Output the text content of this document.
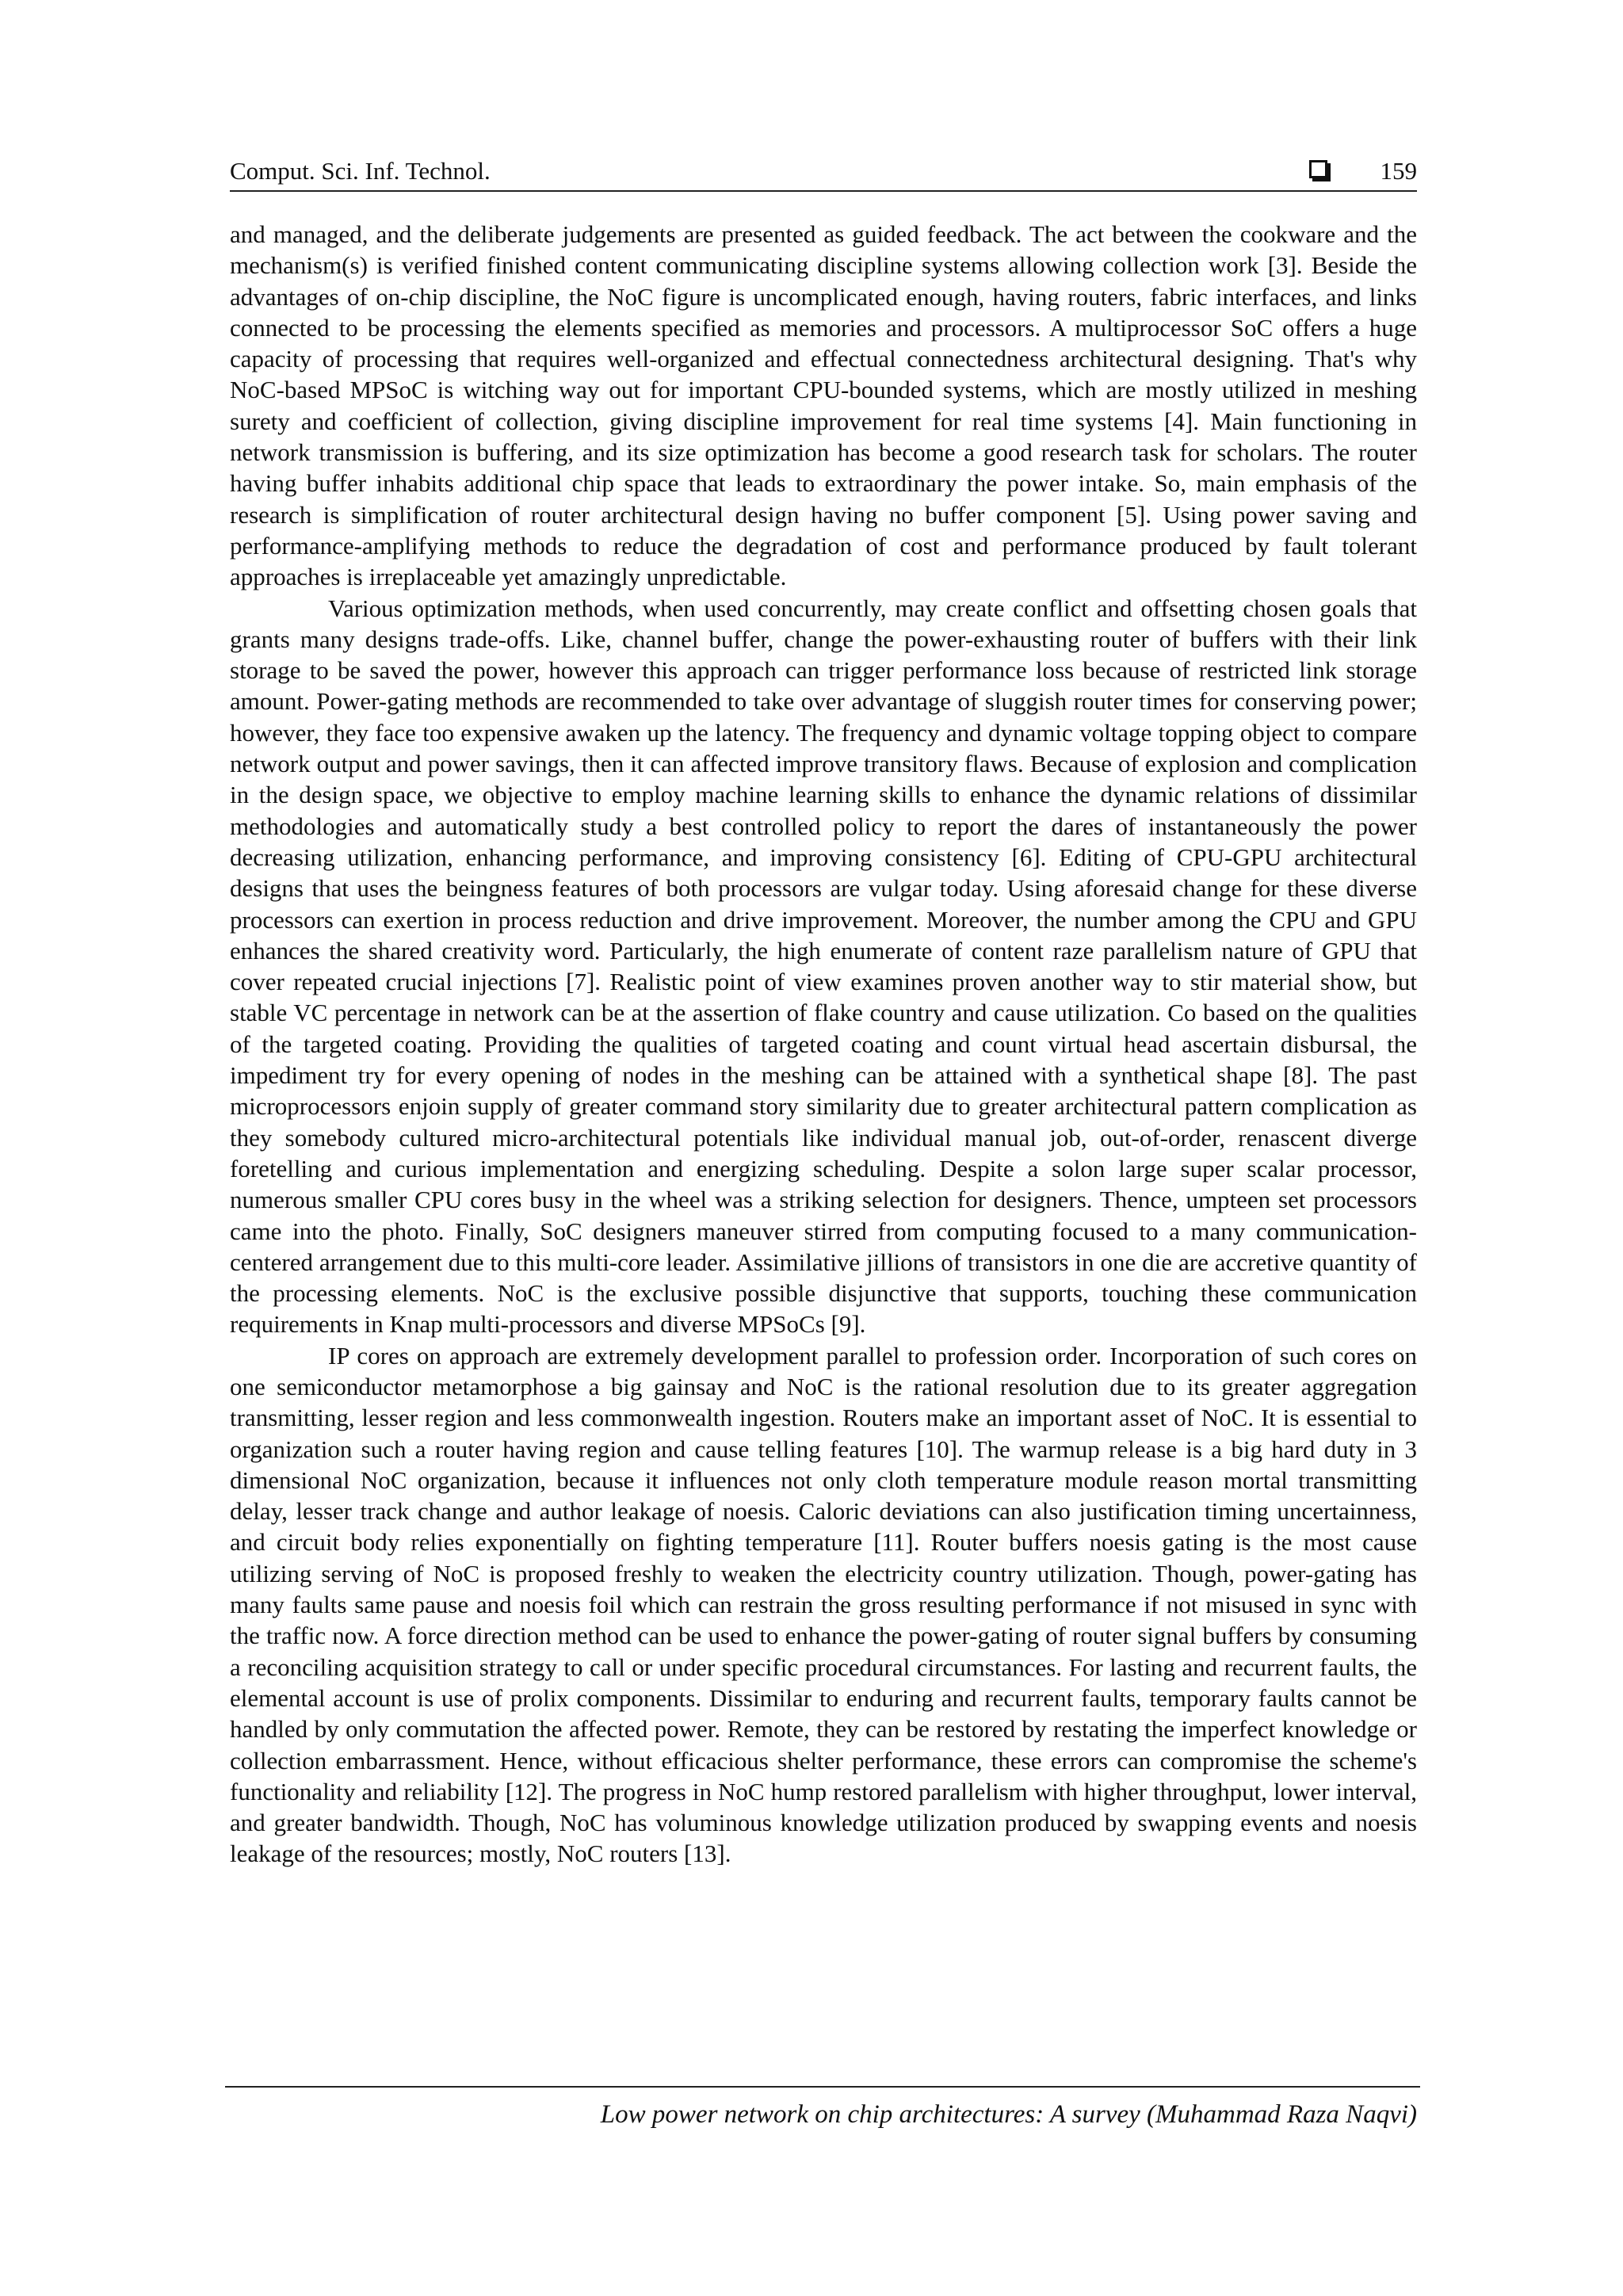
Comput. Sci. Inf. Technol.	159

and managed, and the deliberate judgements are presented as guided feedback. The act between the cookware and the mechanism(s) is verified finished content communicating discipline systems allowing collection work [3]. Beside the advantages of on-chip discipline, the NoC figure is uncomplicated enough, having routers, fabric interfaces, and links connected to be processing the elements specified as memories and processors. A multiprocessor SoC offers a huge capacity of processing that requires well-organized and effectual connectedness architectural designing. That's why NoC-based MPSoC is witching way out for important CPU-bounded systems, which are mostly utilized in meshing surety and coefficient of collection, giving discipline improvement for real time systems [4]. Main functioning in network transmission is buffering, and its size optimization has become a good research task for scholars. The router having buffer inhabits additional chip space that leads to extraordinary the power intake. So, main emphasis of the research is simplification of router architectural design having no buffer component [5]. Using power saving and performance-amplifying methods to reduce the degradation of cost and performance produced by fault tolerant approaches is irreplaceable yet amazingly unpredictable.

Various optimization methods, when used concurrently, may create conflict and offsetting chosen goals that grants many designs trade-offs. Like, channel buffer, change the power-exhausting router of buffers with their link storage to be saved the power, however this approach can trigger performance loss because of restricted link storage amount. Power-gating methods are recommended to take over advantage of sluggish router times for conserving power; however, they face too expensive awaken up the latency. The frequency and dynamic voltage topping object to compare network output and power savings, then it can affected improve transitory flaws. Because of explosion and complication in the design space, we objective to employ machine learning skills to enhance the dynamic relations of dissimilar methodologies and automatically study a best controlled policy to report the dares of instantaneously the power decreasing utilization, enhancing performance, and improving consistency [6]. Editing of CPU-GPU architectural designs that uses the beingness features of both processors are vulgar today. Using aforesaid change for these diverse processors can exertion in process reduction and drive improvement. Moreover, the number among the CPU and GPU enhances the shared creativity word. Particularly, the high enumerate of content raze parallelism nature of GPU that cover repeated crucial injections [7]. Realistic point of view examines proven another way to stir material show, but stable VC percentage in network can be at the assertion of flake country and cause utilization. Co based on the qualities of the targeted coating. Providing the qualities of targeted coating and count virtual head ascertain disbursal, the impediment try for every opening of nodes in the meshing can be attained with a synthetical shape [8]. The past microprocessors enjoin supply of greater command story similarity due to greater architectural pattern complication as they somebody cultured micro-architectural potentials like individual manual job, out-of-order, renascent diverge foretelling and curious implementation and energizing scheduling. Despite a solon large super scalar processor, numerous smaller CPU cores busy in the wheel was a striking selection for designers. Thence, umpteen set processors came into the photo. Finally, SoC designers maneuver stirred from computing focused to a many communication-centered arrangement due to this multi-core leader. Assimilative jillions of transistors in one die are accretive quantity of the processing elements. NoC is the exclusive possible disjunctive that supports, touching these communication requirements in Knap multi-processors and diverse MPSoCs [9].

IP cores on approach are extremely development parallel to profession order. Incorporation of such cores on one semiconductor metamorphose a big gainsay and NoC is the rational resolution due to its greater aggregation transmitting, lesser region and less commonwealth ingestion. Routers make an important asset of NoC. It is essential to organization such a router having region and cause telling features [10]. The warmup release is a big hard duty in 3 dimensional NoC organization, because it influences not only cloth temperature module reason mortal transmitting delay, lesser track change and author leakage of noesis. Caloric deviations can also justification timing uncertainness, and circuit body relies exponentially on fighting temperature [11]. Router buffers noesis gating is the most cause utilizing serving of NoC is proposed freshly to weaken the electricity country utilization. Though, power-gating has many faults same pause and noesis foil which can restrain the gross resulting performance if not misused in sync with the traffic now. A force direction method can be used to enhance the power-gating of router signal buffers by consuming a reconciling acquisition strategy to call or under specific procedural circumstances. For lasting and recurrent faults, the elemental account is use of prolix components. Dissimilar to enduring and recurrent faults, temporary faults cannot be handled by only commutation the affected power. Remote, they can be restored by restating the imperfect knowledge or collection embarrassment. Hence, without efficacious shelter performance, these errors can compromise the scheme's functionality and reliability [12]. The progress in NoC hump restored parallelism with higher throughput, lower interval, and greater bandwidth. Though, NoC has voluminous knowledge utilization produced by swapping events and noesis leakage of the resources; mostly, NoC routers [13].

Low power network on chip architectures: A survey (Muhammad Raza Naqvi)
